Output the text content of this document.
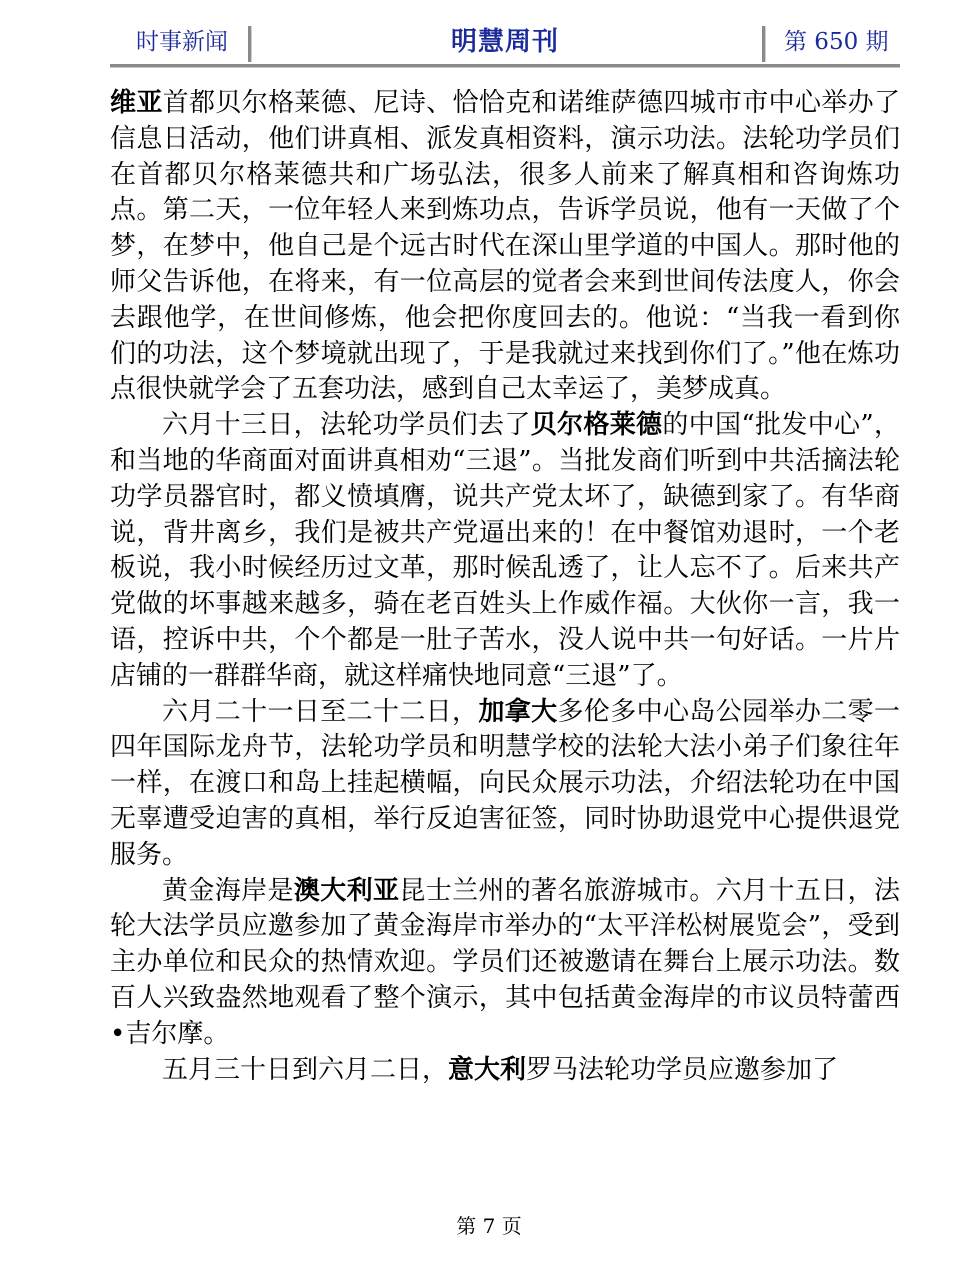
时事新闻	明慧周刊	第 650 期

维亚首都贝尔格莱德、尼诗、恰恰克和诺维萨德四城市市中心举办了信息日活动，他们讲真相、派发真相资料，演示功法。法轮功学员们在首都贝尔格莱德共和广场弘法，很多人前来了解真相和咨询炼功点。第二天，一位年轻人来到炼功点，告诉学员说，他有一天做了个梦，在梦中，他自己是个远古时代在深山里学道的中国人。那时他的师父告诉他，在将来，有一位高层的觉者会来到世间传法度人，你会去跟他学，在世间修炼，他会把你度回去的。他说：“当我一看到你们的功法，这个梦境就出现了，于是我就过来找到你们了。”他在炼功点很快就学会了五套功法，感到自己太幸运了，美梦成真。

六月十三日，法轮功学员们去了贝尔格莱德的中国“批发中心”，和当地的华商面对面讲真相劝“三退”。当批发商们听到中共活摘法轮功学员器官时，都义愤填膺，说共产党太坏了，缺德到家了。有华商说，背井离乡，我们是被共产党逼出来的！在中餐馆劝退时，一个老板说，我小时候经历过文革，那时候乱透了，让人忘不了。后来共产党做的坏事越来越多，骑在老百姓头上作威作福。大伙你一言，我一语，控诉中共，个个都是一肚子苦水，没人说中共一句好话。一片片店铺的一群群华商，就这样痛快地同意“三退”了。

六月二十一日至二十二日，加拿大多伦多中心岛公园举办二零一四年国际龙舟节，法轮功学员和明慧学校的法轮大法小弟子们象往年一样，在渡口和岛上挂起横幅，向民众展示功法，介绍法轮功在中国无辜遭受迫害的真相，举行反迫害征签，同时协助退党中心提供退党服务。

黄金海岸是澳大利亚昆士兰州的著名旅游城市。六月十五日，法轮大法学员应邀参加了黄金海岸市举办的“太平洋松树展览会”，受到主办单位和民众的热情欢迎。学员们还被邀请在舞台上展示功法。数百人兴致盎然地观看了整个演示，其中包括黄金海岸的市议员特蕾西•吉尔摩。

五月三十日到六月二日，意大利罗马法轮功学员应邀参加了

第 7 页
